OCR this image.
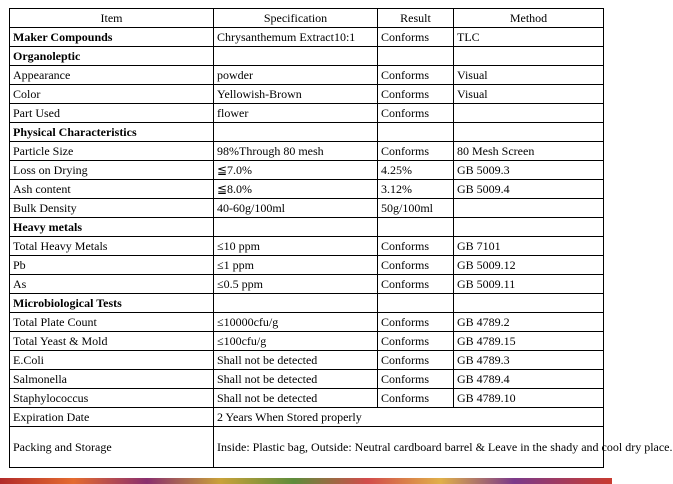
Item	Specification	Result	Method
Maker Compounds	Chrysanthemum Extract10:1	Conforms	TLC
Organoleptic			
Appearance	powder	Conforms	Visual
Color	Yellowish-Brown	Conforms	Visual
Part Used	flower	Conforms	
Physical Characteristics			
Particle Size	98%Through 80 mesh	Conforms	80 Mesh Screen
Loss on Drying	≦7.0%	4.25%	GB 5009.3
Ash content	≦8.0%	3.12%	GB 5009.4
Bulk Density	40-60g/100ml	50g/100ml	
Heavy metals			
Total Heavy Metals	≤10 ppm	Conforms	GB 7101
Pb	≤1 ppm	Conforms	GB 5009.12
As	≤0.5 ppm	Conforms	GB 5009.11
Microbiological Tests			
Total Plate Count	≤10000cfu/g	Conforms	GB 4789.2
Total Yeast & Mold	≤100cfu/g	Conforms	GB 4789.15
E.Coli	Shall not be detected	Conforms	GB 4789.3
Salmonella	Shall not be detected	Conforms	GB 4789.4
Staphylococcus	Shall not be detected	Conforms	GB 4789.10
Expiration Date	2 Years When Stored properly		
Packing and Storage	Inside: Plastic bag, Outside: Neutral cardboard barrel & Leave in the shady and cool dry place.		
